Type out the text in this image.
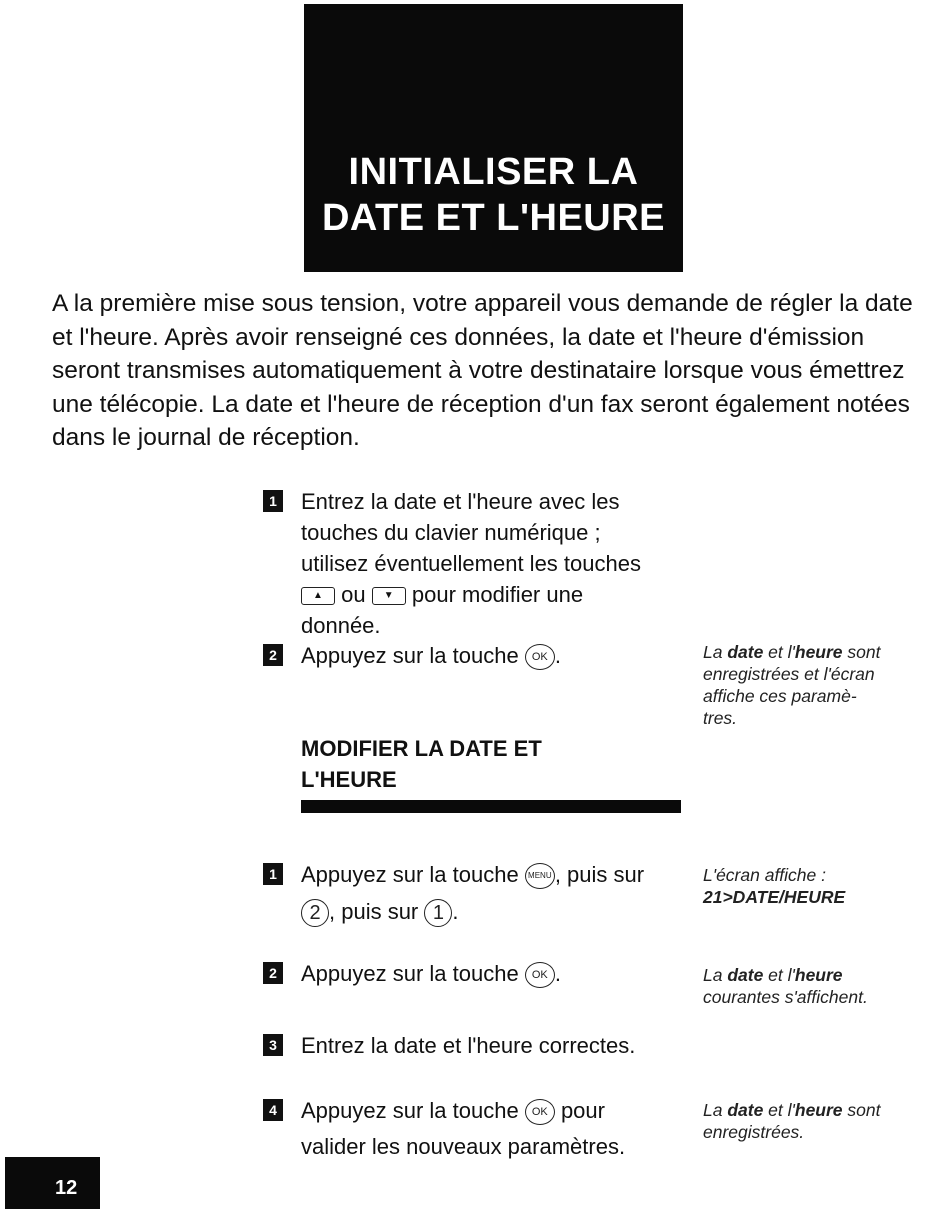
INITIALISER LA
DATE ET L'HEURE

A la première mise sous tension, votre appareil vous demande de régler la date et l'heure. Après avoir renseigné ces données, la date et l'heure d'émission seront transmises automatiquement à votre destinataire lorsque vous émettrez une télécopie. La date et l'heure de réception d'un fax seront également notées dans le journal de réception.

1 Entrez la date et l'heure avec les
touches du clavier numérique ;
utilisez éventuellement les touches
▲ ou ▼ pour modifier une
donnée.
2 Appuyez sur la touche OK .	La date et l'heure sont
enregistrées et l'écran
affiche ces paramè-
tres.
MODIFIER LA DATE ET
L'HEURE
1 Appuyez sur la touche MENU , puis sur
2 , puis sur 1 .
L'écran affiche :
21>DATE/HEURE
2 Appuyez sur la touche OK .	La date et l'heure
courantes s'affichent.
3 Entrez la date et l'heure correctes.
4 Appuyez sur la touche OK pour
valider les nouveaux paramètres.
La date et l'heure sont
enregistrées.
12
